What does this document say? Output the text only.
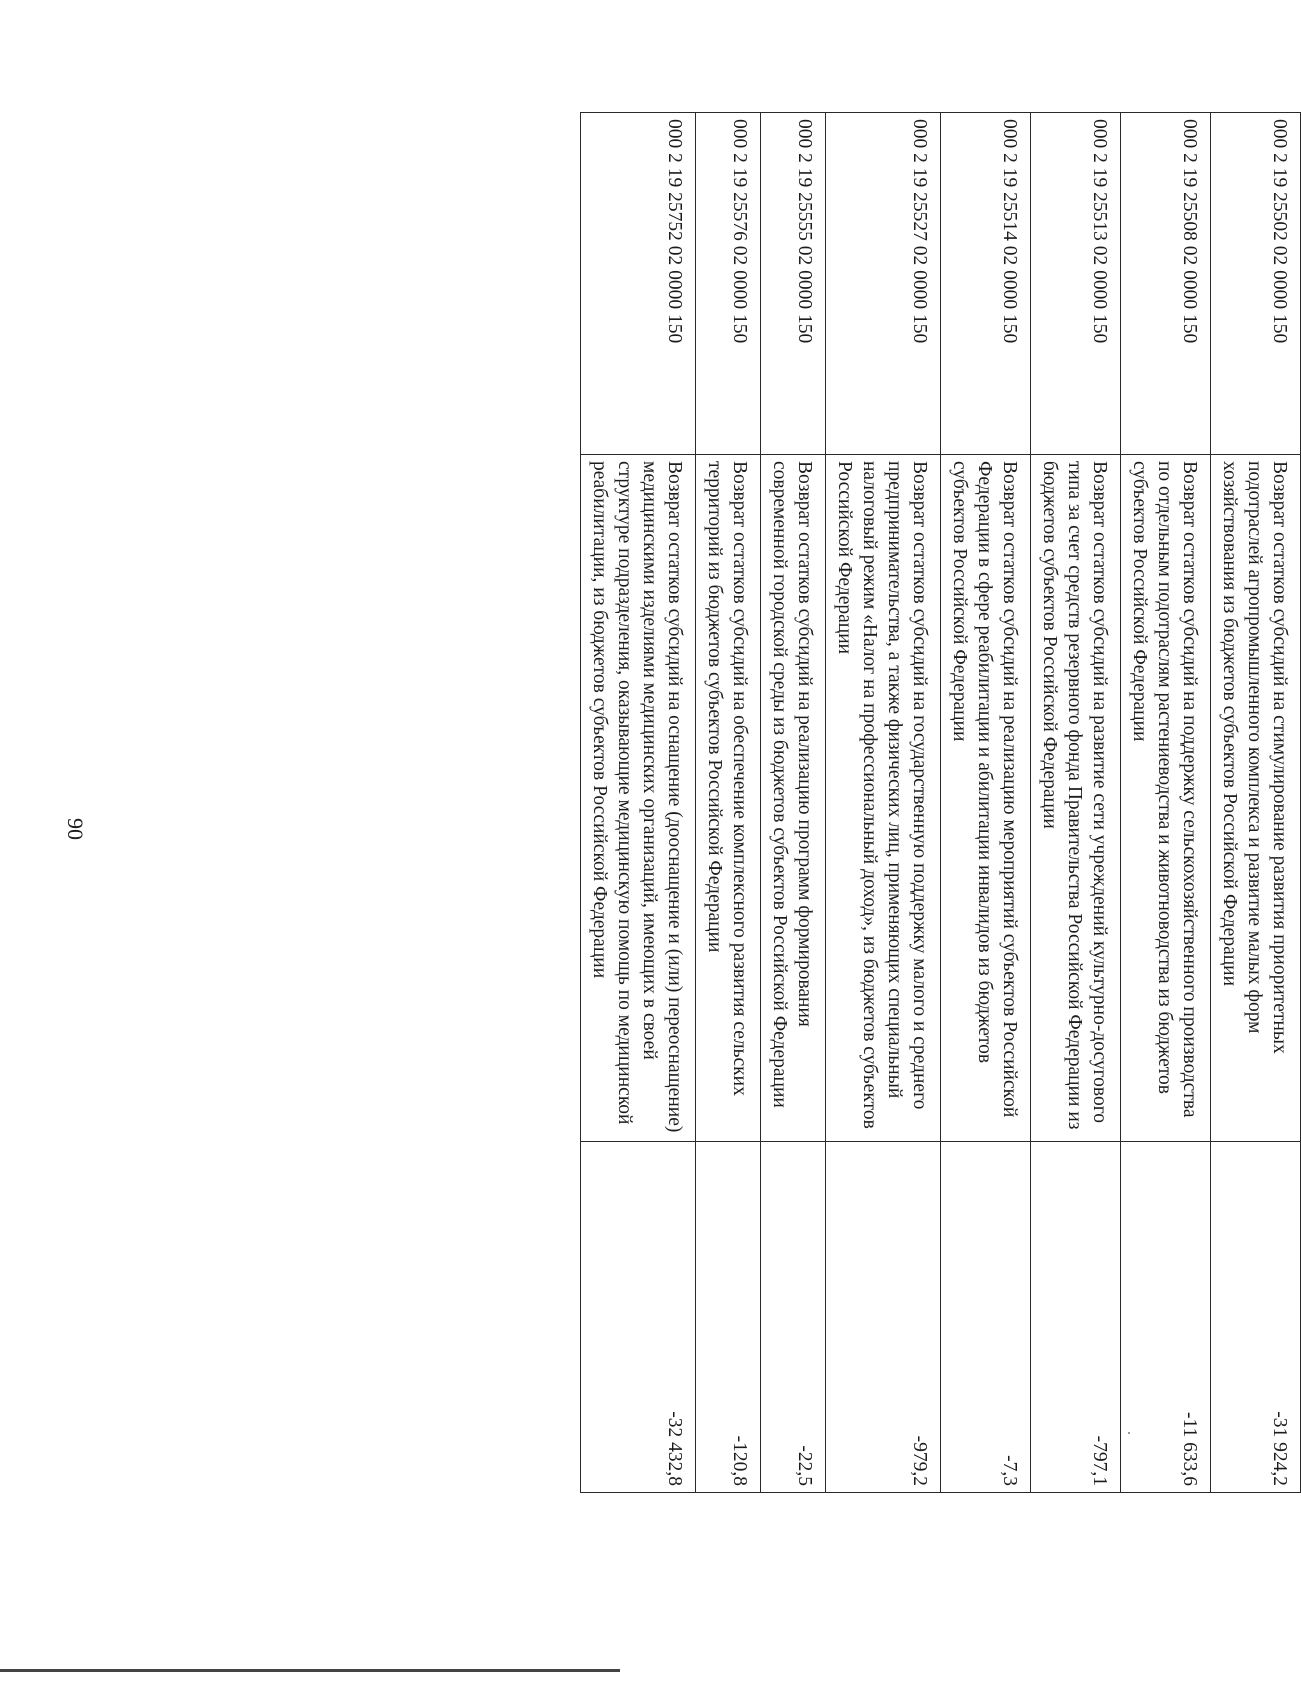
90
000 2 19 25502 02 0000 150	Возврат остатков субсидий на стимулирование развития приоритетных подотраслей агропромышленного комплекса и развитие малых форм хозяйствования из бюджетов субъектов Российской Федерации	-31 924,2
000 2 19 25508 02 0000 150	Возврат остатков субсидий на поддержку сельскохозяйственного производства по отдельным подотраслям растениеводства и животноводства из бюджетов субъектов Российской Федерации	-11 633,6
000 2 19 25513 02 0000 150	Возврат остатков субсидий на развитие сети учреждений культурно-досугового типа за счет средств резервного фонда Правительства Российской Федерации из бюджетов субъектов Российской Федерации	-797,1
000 2 19 25514 02 0000 150	Возврат остатков субсидий на реализацию мероприятий субъектов Российской Федерации в сфере реабилитации и абилитации инвалидов из бюджетов субъектов Российской Федерации	-7,3
000 2 19 25527 02 0000 150	Возврат остатков субсидий на государственную поддержку малого и среднего предпринимательства, а также физических лиц, применяющих специальный налоговый режим «Налог на профессиональный доход», из бюджетов субъектов Российской Федерации	-979,2
000 2 19 25555 02 0000 150	Возврат остатков субсидий на реализацию программ формирования современной городской среды из бюджетов субъектов Российской Федерации	-22,5
000 2 19 25576 02 0000 150	Возврат остатков субсидий на обеспечение комплексного развития сельских территорий из бюджетов субъектов Российской Федерации	-120,8
000 2 19 25752 02 0000 150	Возврат остатков субсидий на оснащение (дооснащение и (или) переоснащение) медицинскими изделиями медицинских организаций, имеющих в своей структуре подразделения, оказывающие медицинскую помощь по медицинской реабилитации, из бюджетов субъектов Российской Федерации	-32 432,8
